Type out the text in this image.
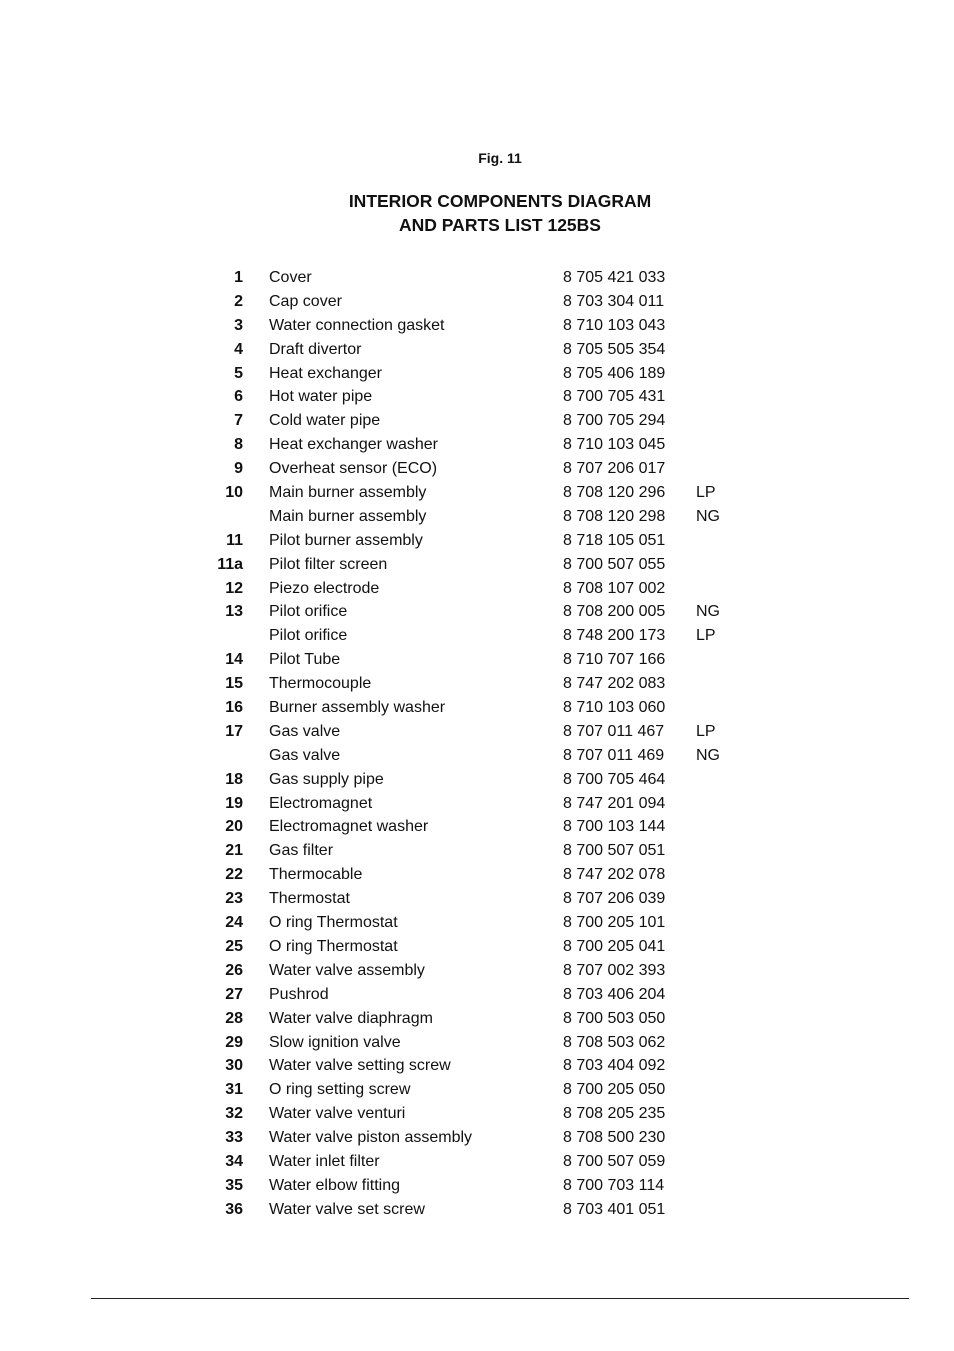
Fig. 11
INTERIOR COMPONENTS DIAGRAM
AND PARTS LIST 125BS
1 Cover	8 705 421 033
2 Cap cover	8 703 304 011
3 Water connection gasket	8 710 103 043
4 Draft divertor	8 705 505 354
5 Heat exchanger	8 705 406 189
6 Hot water pipe	8 700 705 431
7 Cold water pipe	8 700 705 294
8 Heat exchanger washer	8 710 103 045
9 Overheat sensor (ECO)	8 707 206 017
10 Main burner assembly	8 708 120 296 LP
Main burner assembly	8 708 120 298 NG
11 Pilot burner assembly	8 718 105 051
11a Pilot filter screen	8 700 507 055
12 Piezo electrode	8 708 107 002
13 Pilot orifice	8 708 200 005 NG
Pilot orifice	8 748 200 173 LP
14 Pilot Tube	8 710 707 166
15 Thermocouple	8 747 202 083
16 Burner assembly washer	8 710 103 060
17 Gas valve	8 707 011 467 LP
Gas valve	8 707 011 469 NG
18 Gas supply pipe	8 700 705 464
19 Electromagnet	8 747 201 094
20 Electromagnet washer	8 700 103 144
21 Gas filter	8 700 507 051
22 Thermocable	8 747 202 078
23 Thermostat	8 707 206 039
24 O ring Thermostat	8 700 205 101
25 O ring Thermostat	8 700 205 041
26 Water valve assembly	8 707 002 393
27 Pushrod	8 703 406 204
28 Water valve diaphragm	8 700 503 050
29 Slow ignition valve	8 708 503 062
30 Water valve setting screw	8 703 404 092
31 O ring setting screw	8 700 205 050
32 Water valve venturi	8 708 205 235
33 Water valve piston assembly	8 708 500 230
34 Water inlet filter	8 700 507 059
35 Water elbow fitting	8 700 703 114
36 Water valve set screw	8 703 401 051
